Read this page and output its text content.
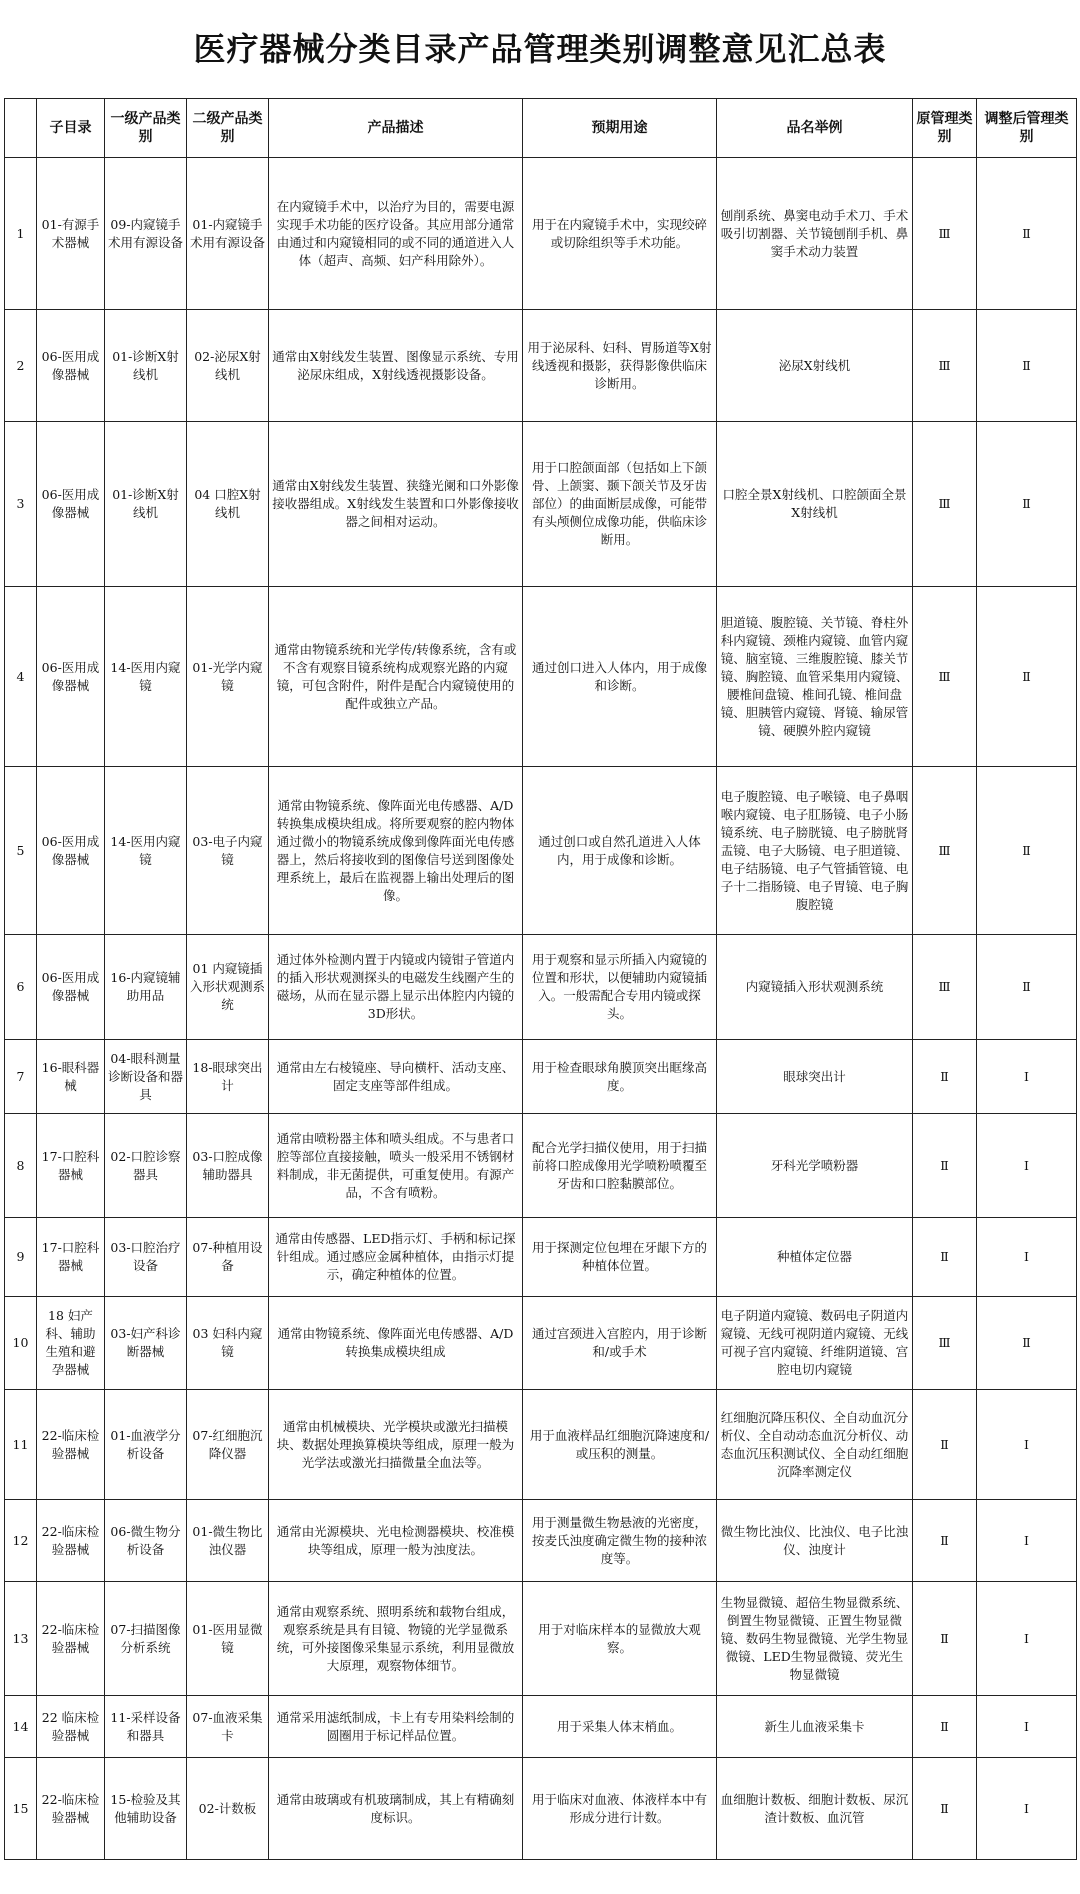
医疗器械分类目录产品管理类别调整意见汇总表
	子目录	一级产品类别	二级产品类别	产品描述	预期用途	品名举例	原管理类别	调整后管理类别
1	01-有源手术器械	09-内窥镜手术用有源设备	01-内窥镜手术用有源设备	在内窥镜手术中，以治疗为目的，需要电源实现手术功能的医疗设备。其应用部分通常由通过和内窥镜相同的或不同的通道进入人体（超声、高频、妇产科用除外）。	用于在内窥镜手术中，实现绞碎或切除组织等手术功能。	刨削系统、鼻窦电动手术刀、手术吸引切割器、关节镜刨削手机、鼻窦手术动力装置	Ⅲ	Ⅱ
2	06-医用成像器械	01-诊断X射线机	02-泌尿X射线机	通常由X射线发生装置、图像显示系统、专用泌尿床组成，X射线透视摄影设备。	用于泌尿科、妇科、胃肠道等X射线透视和摄影，获得影像供临床诊断用。	泌尿X射线机	Ⅲ	Ⅱ
3	06-医用成像器械	01-诊断X射线机	04 口腔X射线机	通常由X射线发生装置、狭缝光阑和口外影像接收器组成。X射线发生装置和口外影像接收器之间相对运动。	用于口腔颌面部（包括如上下颌骨、上颌窦、颞下颌关节及牙齿部位）的曲面断层成像，可能带有头颅侧位成像功能，供临床诊断用。	口腔全景X射线机、口腔颌面全景X射线机	Ⅲ	Ⅱ
4	06-医用成像器械	14-医用内窥镜	01-光学内窥镜	通常由物镜系统和光学传/转像系统，含有或不含有观察目镜系统构成观察光路的内窥镜，可包含附件，附件是配合内窥镜使用的配件或独立产品。	通过创口进入人体内，用于成像和诊断。	胆道镜、腹腔镜、关节镜、脊柱外科内窥镜、颈椎内窥镜、血管内窥镜、脑室镜、三维腹腔镜、膝关节镜、胸腔镜、血管采集用内窥镜、腰椎间盘镜、椎间孔镜、椎间盘镜、胆胰管内窥镜、肾镜、输尿管镜、硬膜外腔内窥镜	Ⅲ	Ⅱ
5	06-医用成像器械	14-医用内窥镜	03-电子内窥镜	通常由物镜系统、像阵面光电传感器、A/D转换集成模块组成。将所要观察的腔内物体通过微小的物镜系统成像到像阵面光电传感器上，然后将接收到的图像信号送到图像处理系统上，最后在监视器上输出处理后的图像。	通过创口或自然孔道进入人体内，用于成像和诊断。	电子腹腔镜、电子喉镜、电子鼻咽喉内窥镜、电子肛肠镜、电子小肠镜系统、电子膀胱镜、电子膀胱肾盂镜、电子大肠镜、电子胆道镜、电子结肠镜、电子气管插管镜、电子十二指肠镜、电子胃镜、电子胸腹腔镜	Ⅲ	Ⅱ
6	06-医用成像器械	16-内窥镜辅助用品	01 内窥镜插入形状观测系统	通过体外检测内置于内镜或内镜钳子管道内的插入形状观测探头的电磁发生线圈产生的磁场，从而在显示器上显示出体腔内内镜的3D形状。	用于观察和显示所插入内窥镜的位置和形状，以便辅助内窥镜插入。一般需配合专用内镜或探头。	内窥镜插入形状观测系统	Ⅲ	Ⅱ
7	16-眼科器械	04-眼科测量诊断设备和器具	18-眼球突出计	通常由左右棱镜座、导向横杆、活动支座、固定支座等部件组成。	用于检查眼球角膜顶突出眶缘高度。	眼球突出计	Ⅱ	Ⅰ
8	17-口腔科器械	02-口腔诊察器具	03-口腔成像辅助器具	通常由喷粉器主体和喷头组成。不与患者口腔等部位直接接触，喷头一般采用不锈钢材料制成，非无菌提供，可重复使用。有源产品，不含有喷粉。	配合光学扫描仪使用，用于扫描前将口腔成像用光学喷粉喷覆至牙齿和口腔黏膜部位。	牙科光学喷粉器	Ⅱ	Ⅰ
9	17-口腔科器械	03-口腔治疗设备	07-种植用设备	通常由传感器、LED指示灯、手柄和标记探针组成。通过感应金属种植体，由指示灯提示，确定种植体的位置。	用于探测定位包埋在牙龈下方的种植体位置。	种植体定位器	Ⅱ	Ⅰ
10	18 妇产科、辅助生殖和避孕器械	03-妇产科诊断器械	03 妇科内窥镜	通常由物镜系统、像阵面光电传感器、A/D转换集成模块组成	通过宫颈进入宫腔内，用于诊断和/或手术	电子阴道内窥镜、数码电子阴道内窥镜、无线可视阴道内窥镜、无线可视子宫内窥镜、纤维阴道镜、宫腔电切内窥镜	Ⅲ	Ⅱ
11	22-临床检验器械	01-血液学分析设备	07-红细胞沉降仪器	通常由机械模块、光学模块或激光扫描模块、数据处理换算模块等组成，原理一般为光学法或激光扫描微量全血法等。	用于血液样品红细胞沉降速度和/或压积的测量。	红细胞沉降压积仪、全自动血沉分析仪、全自动动态血沉分析仪、动态血沉压积测试仪、全自动红细胞沉降率测定仪	Ⅱ	Ⅰ
12	22-临床检验器械	06-微生物分析设备	01-微生物比浊仪器	通常由光源模块、光电检测器模块、校准模块等组成，原理一般为浊度法。	用于测量微生物悬液的光密度，按麦氏浊度确定微生物的接种浓度等。	微生物比浊仪、比浊仪、电子比浊仪、浊度计	Ⅱ	Ⅰ
13	22-临床检验器械	07-扫描图像分析系统	01-医用显微镜	通常由观察系统、照明系统和载物台组成，观察系统是具有目镜、物镜的光学显微系统，可外接图像采集显示系统，利用显微放大原理，观察物体细节。	用于对临床样本的显微放大观察。	生物显微镜、超倍生物显微系统、倒置生物显微镜、正置生物显微镜、数码生物显微镜、光学生物显微镜、LED生物显微镜、荧光生物显微镜	Ⅱ	Ⅰ
14	22 临床检验器械	11-采样设备和器具	07-血液采集卡	通常采用滤纸制成，卡上有专用染料绘制的圆圈用于标记样品位置。	用于采集人体末梢血。	新生儿血液采集卡	Ⅱ	Ⅰ
15	22-临床检验器械	15-检验及其他辅助设备	02-计数板	通常由玻璃或有机玻璃制成，其上有精确刻度标识。	用于临床对血液、体液样本中有形成分进行计数。	血细胞计数板、细胞计数板、尿沉渣计数板、血沉管	Ⅱ	Ⅰ
